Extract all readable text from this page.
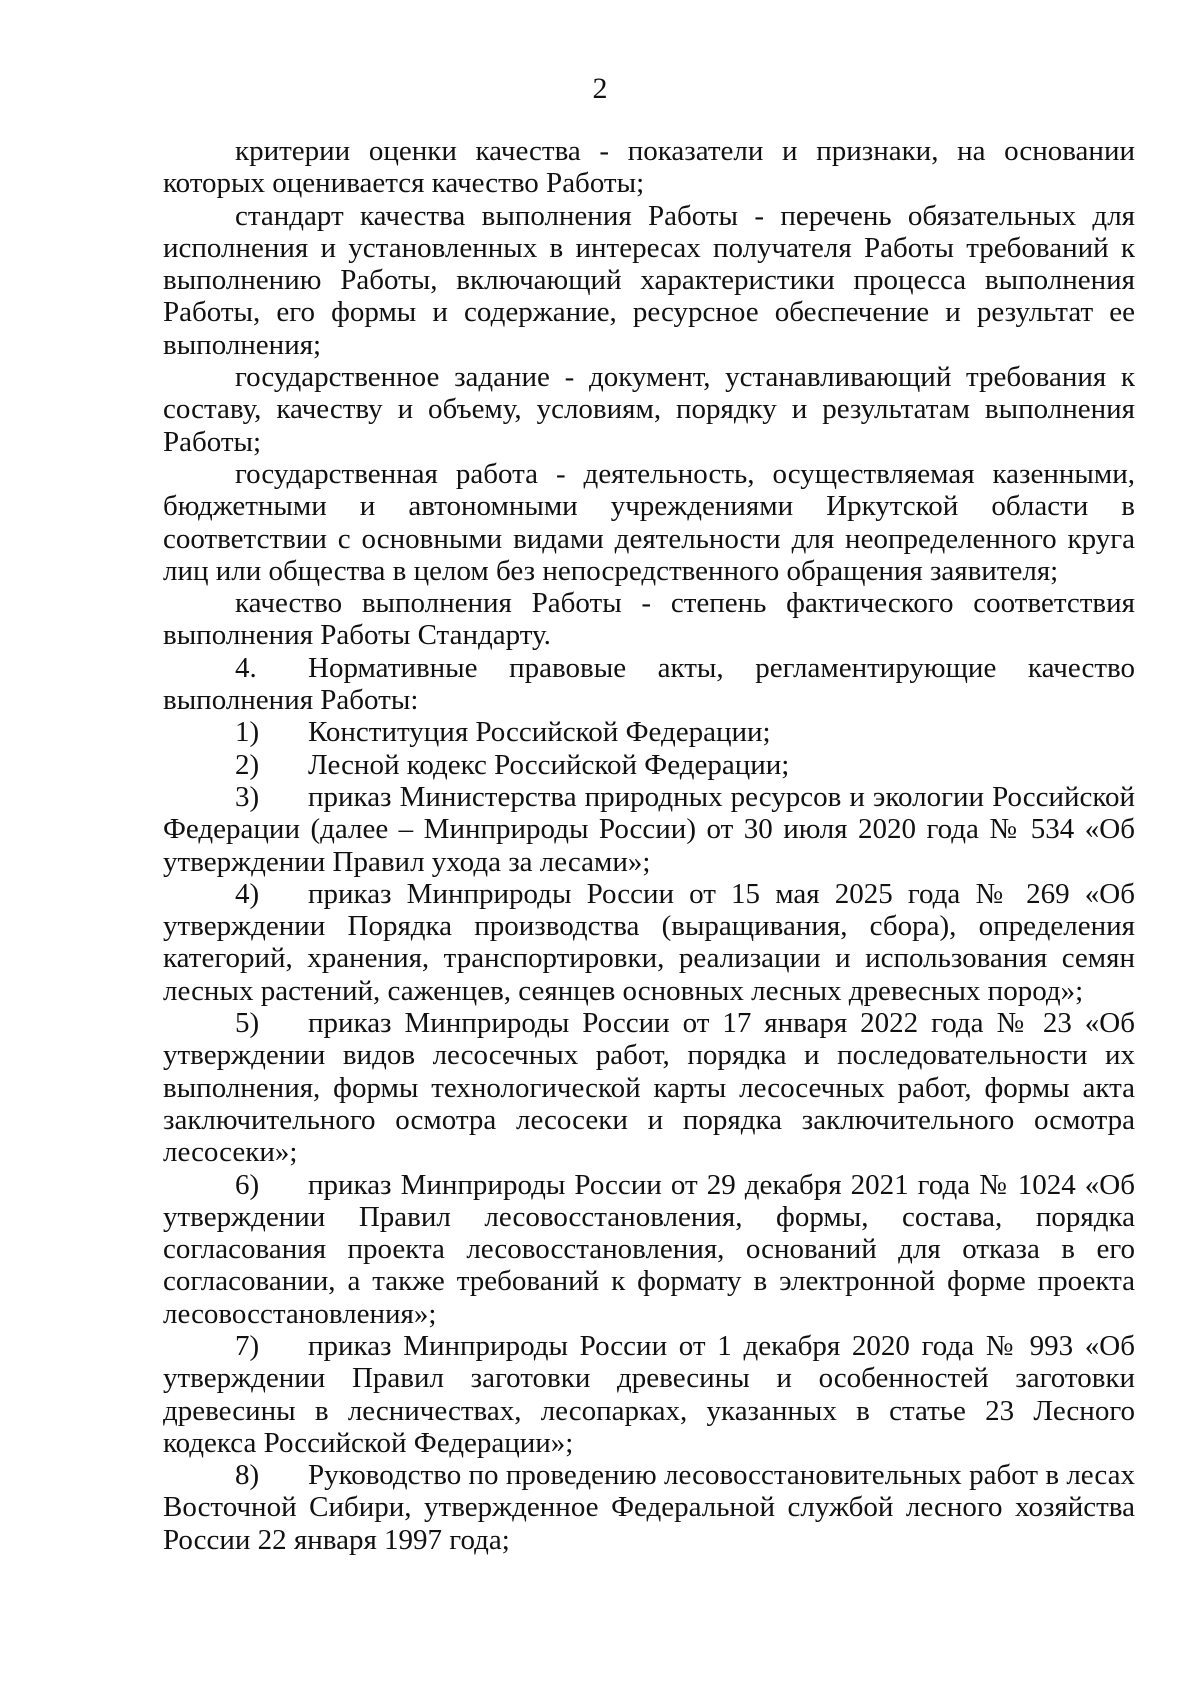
2

критерии оценки качества - показатели и признаки, на основании которых оценивается качество Работы;

стандарт качества выполнения Работы - перечень обязательных для исполнения и установленных в интересах получателя Работы требований к выполнению Работы, включающий характеристики процесса выполнения Работы, его формы и содержание, ресурсное обеспечение и результат ее выполнения;

государственное задание - документ, устанавливающий требования к составу, качеству и объему, условиям, порядку и результатам выполнения Работы;

государственная работа - деятельность, осуществляемая казенными, бюджетными и автономными учреждениями Иркутской области в соответствии с основными видами деятельности для неопределенного круга лиц или общества в целом без непосредственного обращения заявителя;

качество выполнения Работы - степень фактического соответствия выполнения Работы Стандарту.

4. Нормативные правовые акты, регламентирующие качество выполнения Работы:

1) Конституция Российской Федерации;

2) Лесной кодекс Российской Федерации;

3) приказ Министерства природных ресурсов и экологии Российской Федерации (далее – Минприроды России) от 30 июля 2020 года № 534 «Об утверждении Правил ухода за лесами»;

4) приказ Минприроды России от 15 мая 2025 года № 269 «Об утверждении Порядка производства (выращивания, сбора), определения категорий, хранения, транспортировки, реализации и использования семян лесных растений, саженцев, сеянцев основных лесных древесных пород»;

5) приказ Минприроды России от 17 января 2022 года № 23 «Об утверждении видов лесосечных работ, порядка и последовательности их выполнения, формы технологической карты лесосечных работ, формы акта заключительного осмотра лесосеки и порядка заключительного осмотра лесосеки»;

6) приказ Минприроды России от 29 декабря 2021 года № 1024 «Об утверждении Правил лесовосстановления, формы, состава, порядка согласования проекта лесовосстановления, оснований для отказа в его согласовании, а также требований к формату в электронной форме проекта лесовосстановления»;

7) приказ Минприроды России от 1 декабря 2020 года № 993 «Об утверждении Правил заготовки древесины и особенностей заготовки древесины в лесничествах, лесопарках, указанных в статье 23 Лесного кодекса Российской Федерации»;

8) Руководство по проведению лесовосстановительных работ в лесах Восточной Сибири, утвержденное Федеральной службой лесного хозяйства России 22 января 1997 года;
